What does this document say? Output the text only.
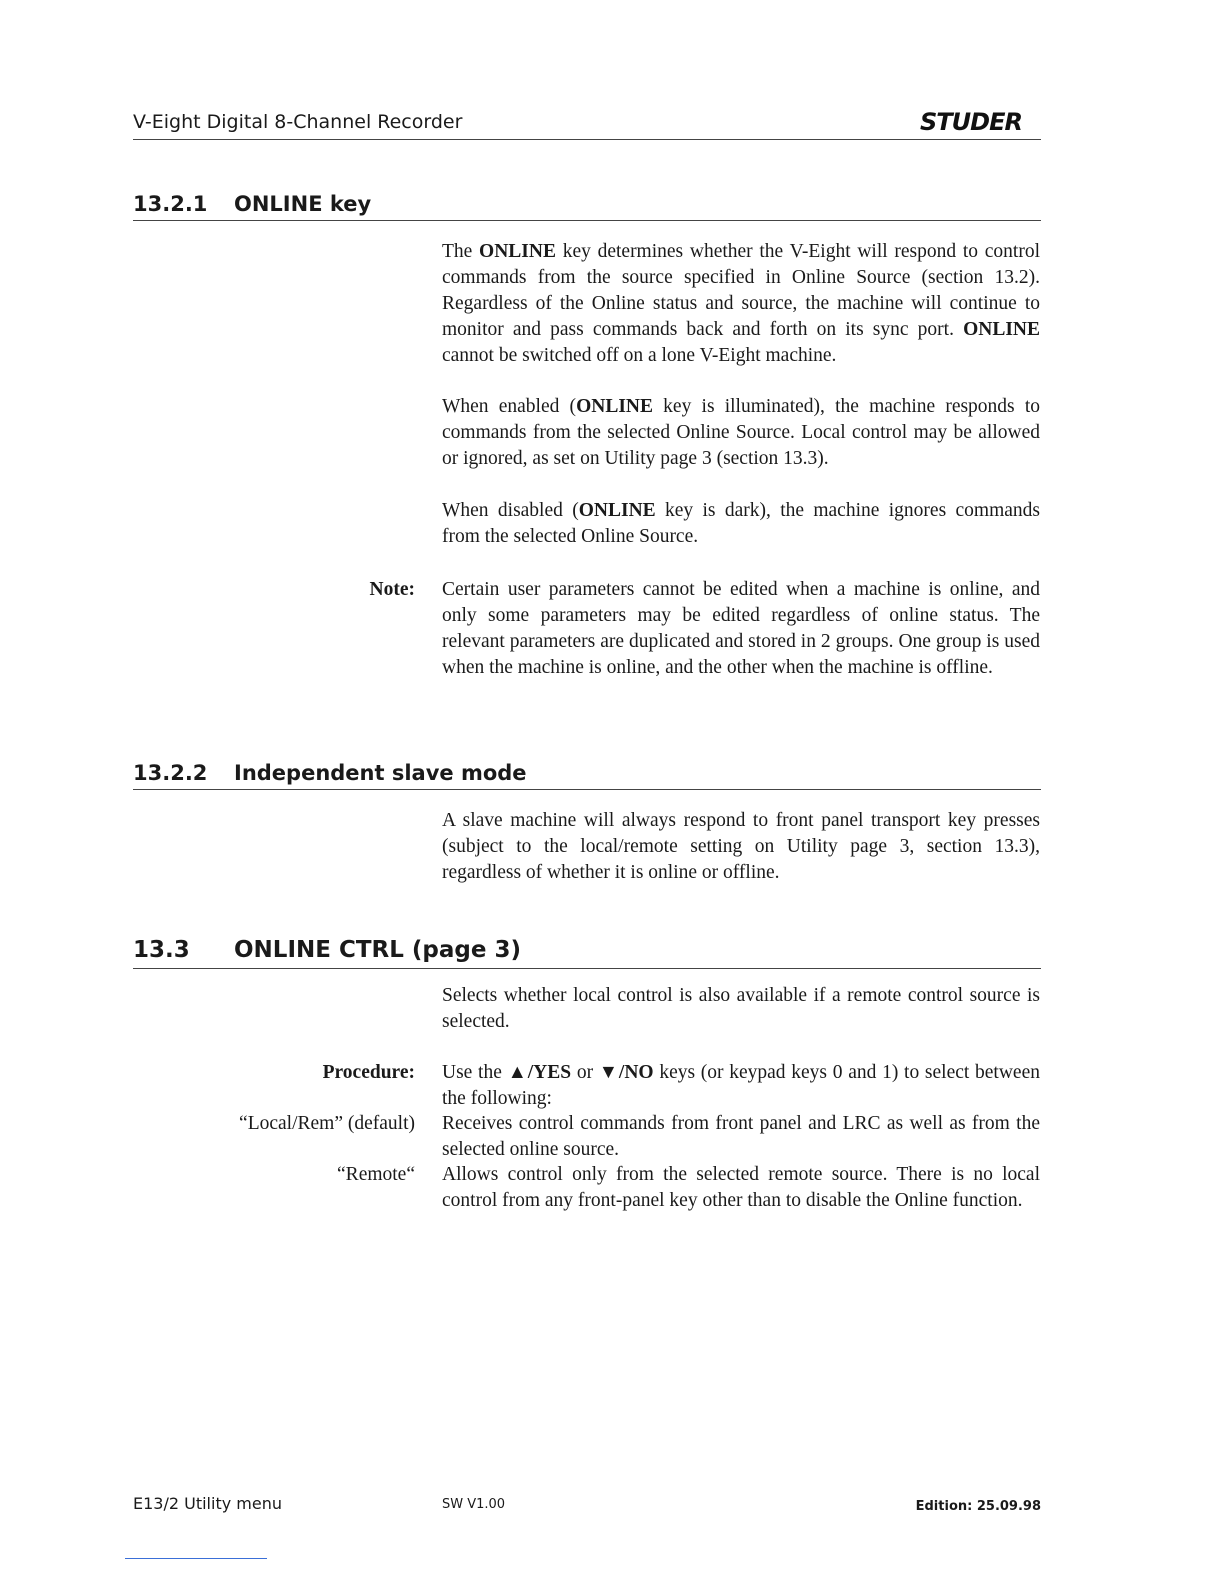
V-Eight Digital 8-Channel Recorder	STUDER
13.2.1 ONLINE key

The ONLINE key determines whether the V-Eight will respond to control commands from the source specified in Online Source (section 13.2). Regardless of the Online status and source, the machine will continue to monitor and pass commands back and forth on its sync port. ONLINE cannot be switched off on a lone V-Eight machine.

When enabled (ONLINE key is illuminated), the machine responds to commands from the selected Online Source. Local control may be allowed or ignored, as set on Utility page 3 (section 13.3).

When disabled (ONLINE key is dark), the machine ignores commands from the selected Online Source.

Note: Certain user parameters cannot be edited when a machine is online, and only some parameters may be edited regardless of online status. The relevant parameters are duplicated and stored in 2 groups. One group is used when the machine is online, and the other when the machine is offline.

13.2.2 Independent slave mode

A slave machine will always respond to front panel transport key presses (subject to the local/remote setting on Utility page 3, section 13.3), regardless of whether it is online or offline.

13.3 ONLINE CTRL (page 3)

Selects whether local control is also available if a remote control source is selected.

Procedure: Use the ▲/YES or ▼/NO keys (or keypad keys 0 and 1) to select between the following:

“Local/Rem” (default) Receives control commands from front panel and LRC as well as from the selected online source.

“Remote“ Allows control only from the selected remote source. There is no local control from any front-panel key other than to disable the Online function.

E13/2 Utility menu	SW V1.00	Edition: 25.09.98
